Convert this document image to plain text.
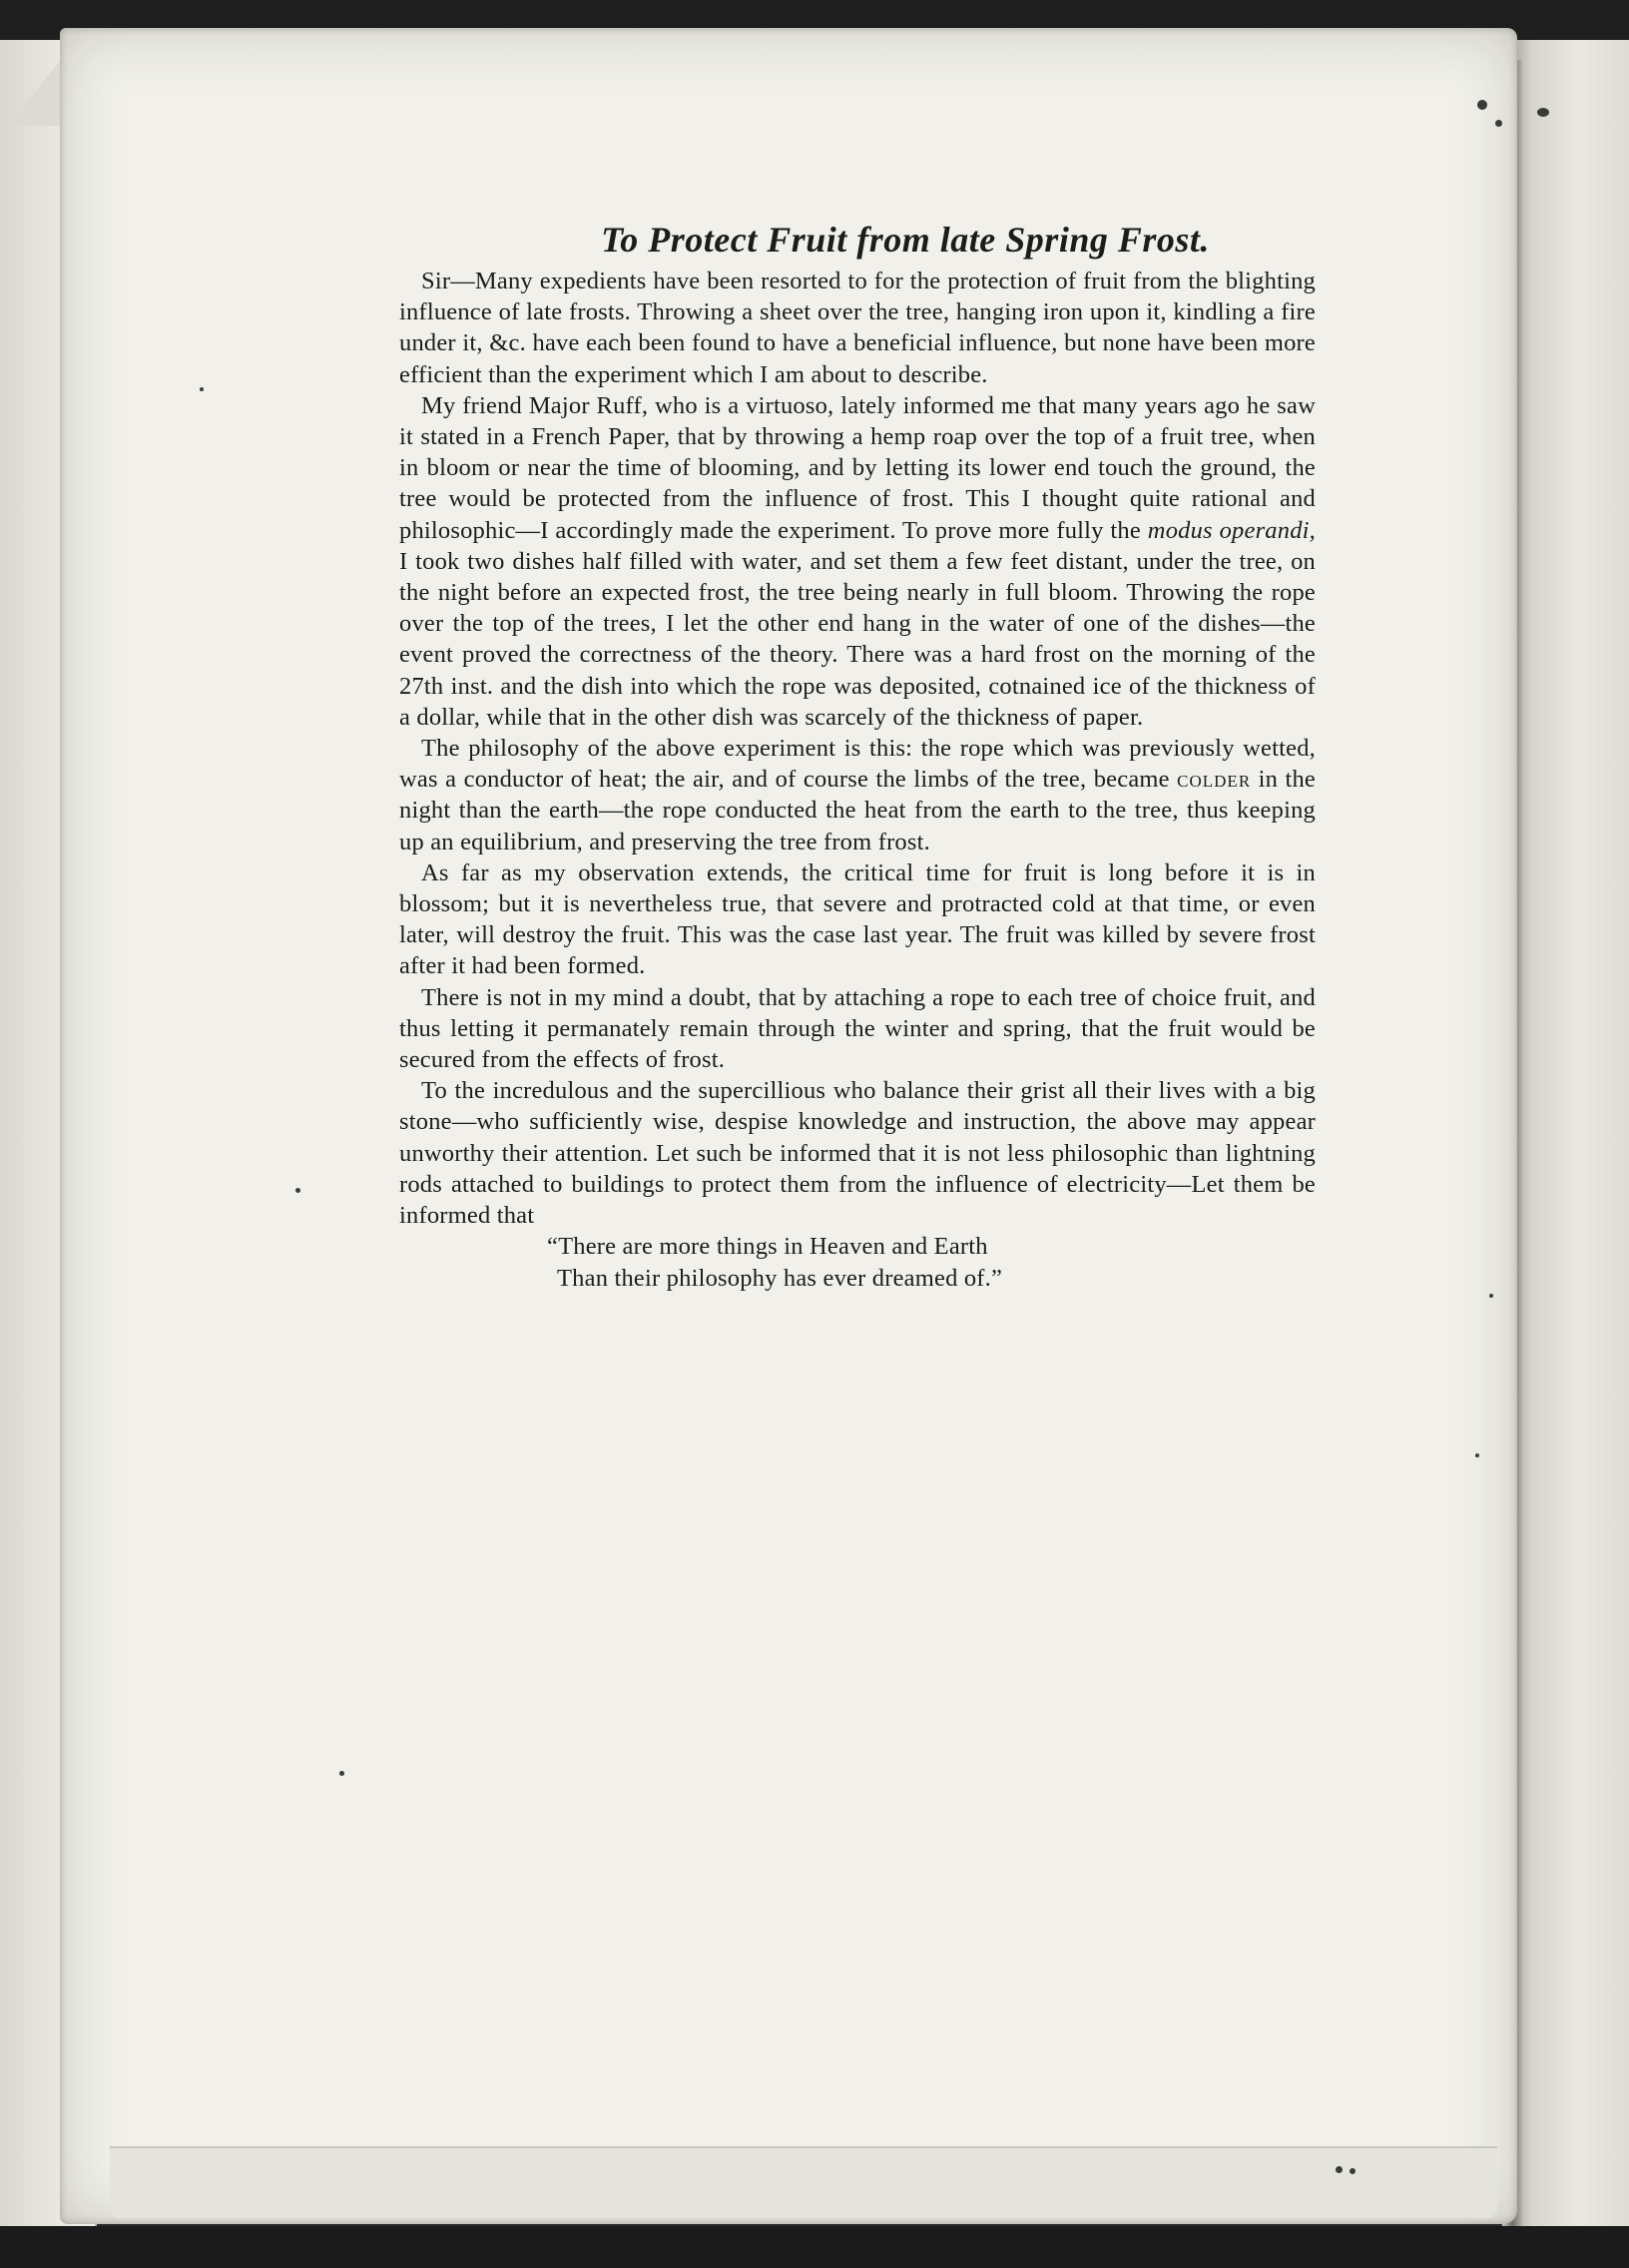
To Protect Fruit from late Spring Frost.

Sir—Many expedients have been resorted to for the protection of fruit from the blighting influence of late frosts. Throwing a sheet over the tree, hanging iron upon it, kindling a fire under it, &c. have each been found to have a beneficial influence, but none have been more efficient than the experiment which I am about to describe.

My friend Major Ruff, who is a virtuoso, lately informed me that many years ago he saw it stated in a French Paper, that by throwing a hemp roap over the top of a fruit tree, when in bloom or near the time of blooming, and by letting its lower end touch the ground, the tree would be protected from the influence of frost. This I thought quite rational and philosophic—I accordingly made the experiment. To prove more fully the modus operandi, I took two dishes half filled with water, and set them a few feet distant, under the tree, on the night before an expected frost, the tree being nearly in full bloom. Throwing the rope over the top of the trees, I let the other end hang in the water of one of the dishes—the event proved the correctness of the theory. There was a hard frost on the morning of the 27th inst. and the dish into which the rope was deposited, cotnained ice of the thickness of a dollar, while that in the other dish was scarcely of the thickness of paper.

The philosophy of the above experiment is this: the rope which was previously wetted, was a conductor of heat; the air, and of course the limbs of the tree, became colder in the night than the earth—the rope conducted the heat from the earth to the tree, thus keeping up an equilibrium, and preserving the tree from frost.

As far as my observation extends, the critical time for fruit is long before it is in blossom; but it is nevertheless true, that severe and protracted cold at that time, or even later, will destroy the fruit. This was the case last year. The fruit was killed by severe frost after it had been formed.

There is not in my mind a doubt, that by attaching a rope to each tree of choice fruit, and thus letting it permanately remain through the winter and spring, that the fruit would be secured from the effects of frost.

To the incredulous and the supercillious who balance their grist all their lives with a big stone—who sufficiently wise, despise knowledge and instruction, the above may appear unworthy their attention. Let such be informed that it is not less philosophic than lightning rods attached to buildings to protect them from the influence of electricity—Let them be informed that

“There are more things in Heaven and Earth

Than their philosophy has ever dreamed of.”
